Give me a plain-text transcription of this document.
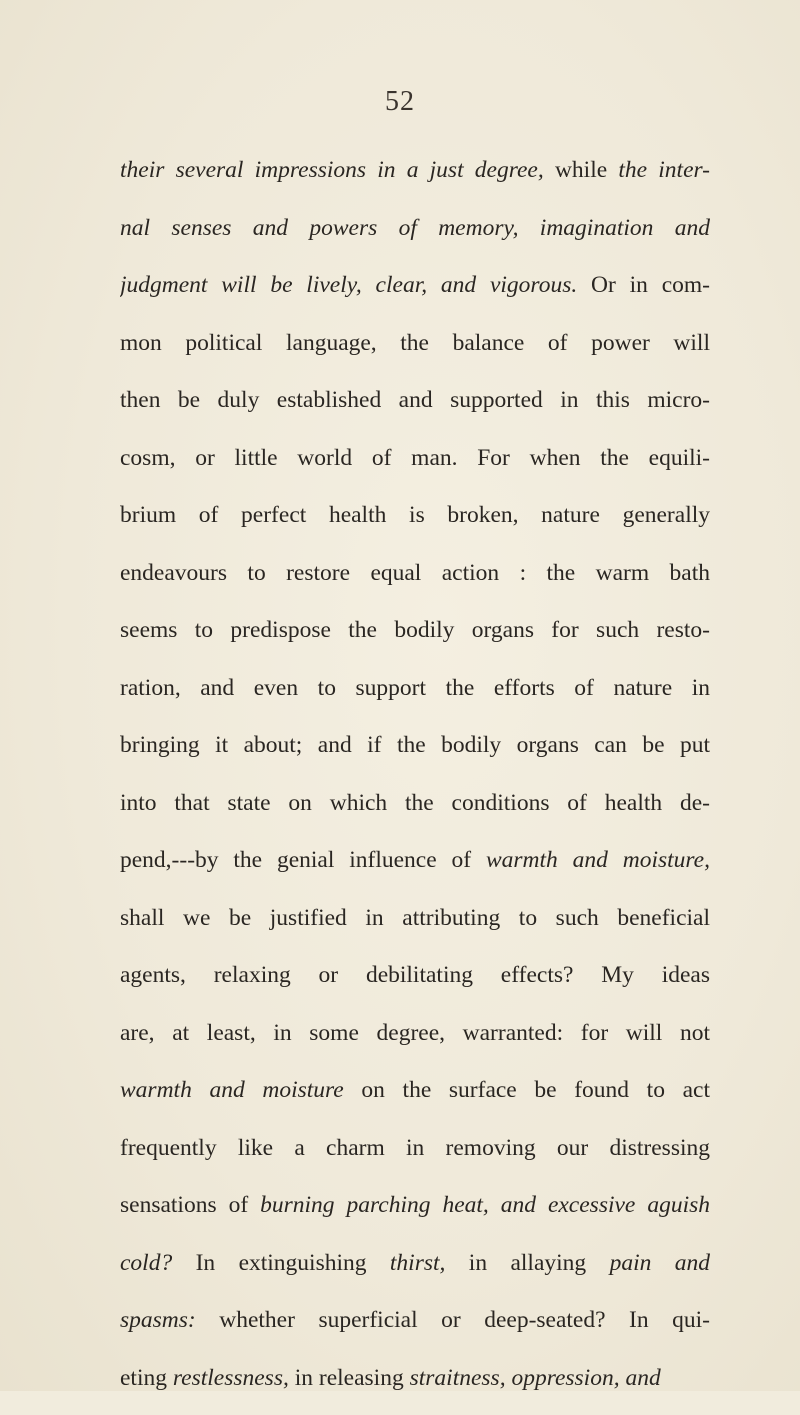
52
their several impressions in a just degree, while the inter-
nal senses and powers of memory, imagination and
judgment will be lively, clear, and vigorous. Or in com-
mon political language, the balance of power will
then be duly established and supported in this micro-
cosm, or little world of man. For when the equili-
brium of perfect health is broken, nature generally
endeavours to restore equal action : the warm bath
seems to predispose the bodily organs for such resto-
ration, and even to support the efforts of nature in
bringing it about; and if the bodily organs can be put
into that state on which the conditions of health de-
pend,---by the genial influence of warmth and moisture,
shall we be justified in attributing to such beneficial
agents, relaxing or debilitating effects? My ideas
are, at least, in some degree, warranted: for will not
warmth and moisture on the surface be found to act
frequently like a charm in removing our distressing
sensations of burning parching heat, and excessive aguish
cold? In extinguishing thirst, in allaying pain and
spasms: whether superficial or deep-seated? In qui-
eting restlessness, in releasing straitness, oppression, and
